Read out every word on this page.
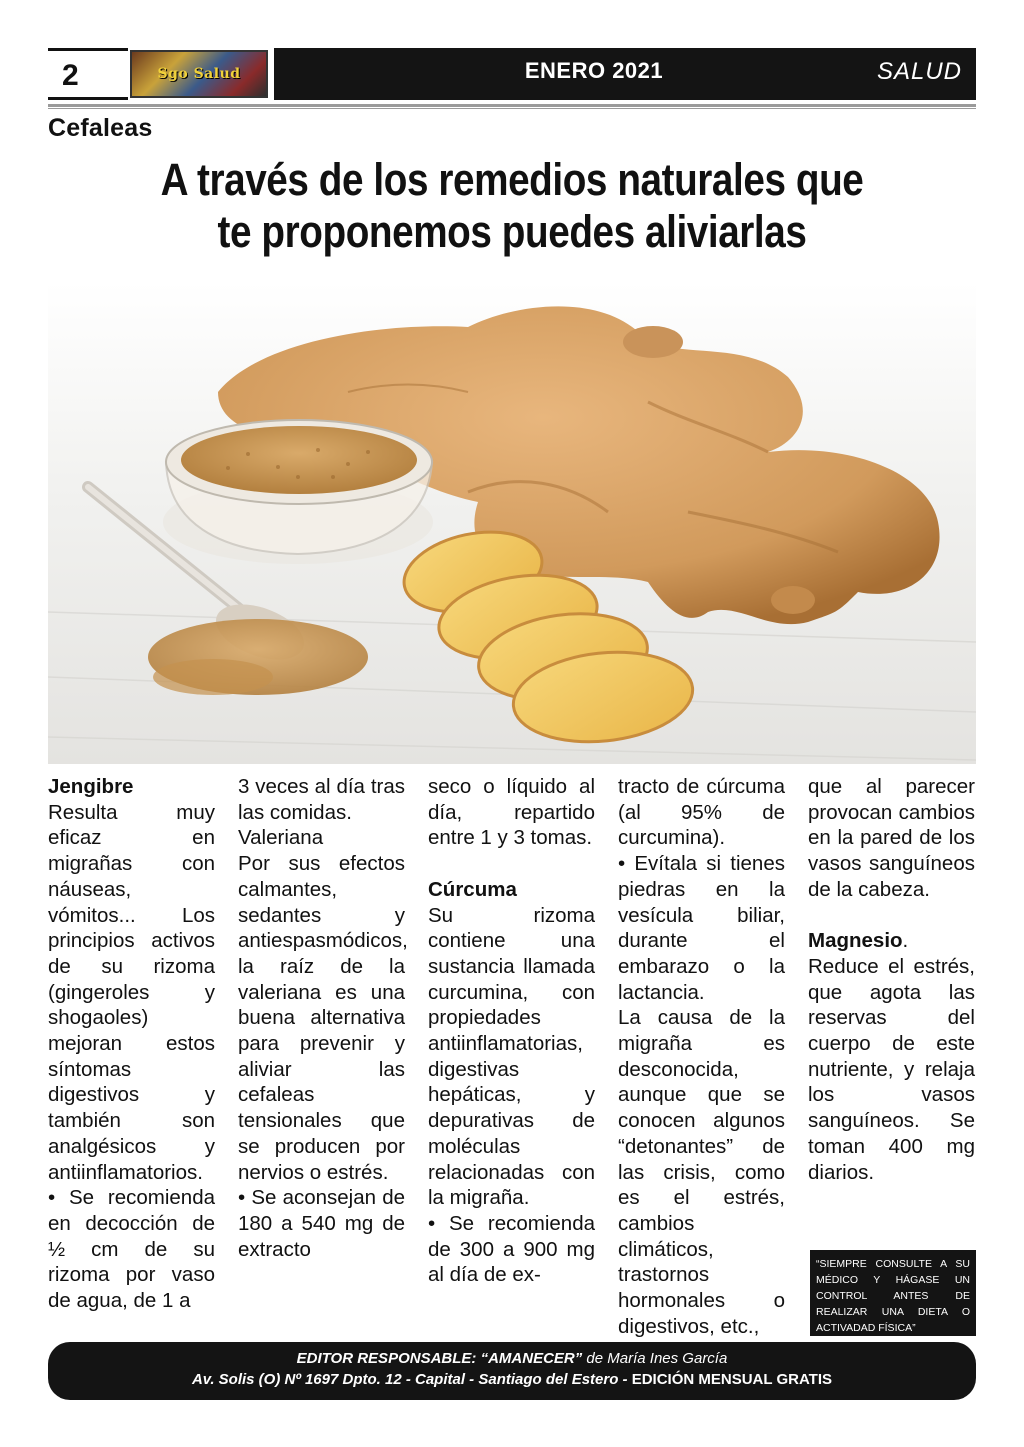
2	Sgo Salud	ENERO 2021	SALUD
Cefaleas
A través de los remedios naturales que
te proponemos puedes aliviarlas

Jengibre

Resulta muy eficaz en migrañas con náuseas, vómitos... Los principios activos de su rizoma (gingeroles y shogaoles) mejoran estos síntomas digestivos y también son analgésicos y antiinflamatorios.

• Se recomienda en decocción de ½ cm de su rizoma por vaso de agua, de 1 a

3 veces al día tras las comidas.

Valeriana

Por sus efectos calmantes, sedantes y antiespasmódicos, la raíz de la valeriana es una buena alternativa para prevenir y aliviar las cefaleas tensionales que se producen por nervios o estrés.

• Se aconsejan de 180 a 540 mg de extracto

seco o líquido al día, repartido entre 1 y 3 tomas.

Cúrcuma

Su rizoma contiene una sustancia llamada curcumina, con propiedades antiinflamatorias, digestivas hepáticas, y depurativas de moléculas relacionadas con la migraña.

• Se recomienda de 300 a 900 mg al día de ex-

tracto de cúrcuma (al 95% de curcumina).

• Evítala si tienes piedras en la vesícula biliar, durante el embarazo o la lactancia.

La causa de la migraña es desconocida, aunque que se conocen algunos “detonantes” de las crisis, como es el estrés, cambios climáticos, trastornos hormonales o digestivos, etc.,

que al parecer provocan cambios en la pared de los vasos sanguíneos de la cabeza.

Magnesio.

Reduce el estrés, que agota las reservas del cuerpo de este nutriente, y relaja los vasos sanguíneos. Se toman 400 mg diarios.

“SIEMPRE CONSULTE A SU MÉDICO Y HÁGASE UN CONTROL ANTES DE REALIZAR UNA DIETA O ACTIVADAD FÍSICA”
EDITOR RESPONSABLE: “AMANECER” de María Ines García
Av. Solis (O) Nº 1697 Dpto. 12 - Capital - Santiago del Estero - EDICIÓN MENSUAL GRATIS
